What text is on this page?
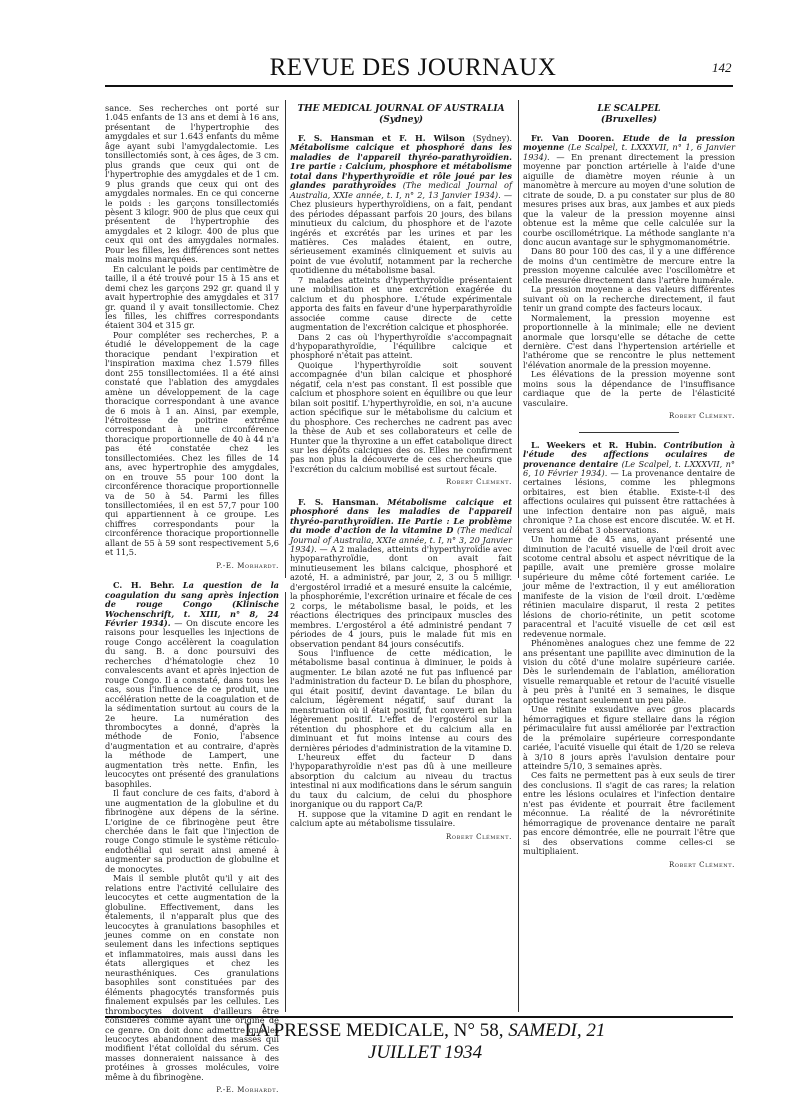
REVUE DES JOURNAUX	142

sance. Ses recherches ont porté sur 1.045 enfants de 13 ans et demi à 16 ans, présentant de l'hypertrophie des amygdales et sur 1.643 enfants du même âge ayant subi l'amygdalectomie. Les tonsillectomiés sont, à ces âges, de 3 cm. plus grands que ceux qui ont de l'hypertrophie des amygdales et de 1 cm. 9 plus grands que ceux qui ont des amygdales normales. En ce qui concerne le poids : les garçons tonsillectomiés pèsent 3 kilogr. 900 de plus que ceux qui présentent de l'hypertrophie des amygdales et 2 kilogr. 400 de plus que ceux qui ont des amygdales normales. Pour les filles, les différences sont nettes mais moins marquées.

En calculant le poids par centimètre de taille, il a été trouvé pour 15 à 15 ans et demi chez les garçons 292 gr. quand il y avait hypertrophie des amygdales et 317 gr. quand il y avait tonsillectomie. Chez les filles, les chiffres correspondants étaient 304 et 315 gr.

Pour compléter ses recherches, P. a étudié le développement de la cage thoracique pendant l'expiration et l'inspiration maxima chez 1.579 filles dont 255 tonsillectomiées. Il a été ainsi constaté que l'ablation des amygdales amène un développement de la cage thoracique correspondant à une avance de 6 mois à 1 an. Ainsi, par exemple, l'étroitesse de poitrine extrême correspondant à une circonférence thoracique proportionnelle de 40 à 44 n'a pas été constatée chez les tonsillectomiées. Chez les filles de 14 ans, avec hypertrophie des amygdales, on en trouve 55 pour 100 dont la circonférence thoracique proportionnelle va de 50 à 54. Parmi les filles tonsillectomiées, il en est 57,7 pour 100 qui appartiennent à ce groupe. Les chiffres correspondants pour la circonférence thoracique proportionnelle allant de 55 à 59 sont respectivement 5,6 et 11,5.

P.-E. Morhardt.

C. H. Behr. La question de la coagulation du sang après injection de rouge Congo (Klinische Wochenschrift, t. XIII, n° 8, 24 Février 1934). — On discute encore les raisons pour lesquelles les injections de rouge Congo accélèrent la coagulation du sang. B. a donc poursuivi des recherches d'hématologie chez 10 convalescents avant et après injection de rouge Congo. Il a constaté, dans tous les cas, sous l'influence de ce produit, une accélération nette de la coagulation et de la sédimentation surtout au cours de la 2e heure. La numération des thrombocytes a donné, d'après la méthode de Fonio, l'absence d'augmentation et au contraire, d'après la méthode de Lampert, une augmentation très nette. Enfin, les leucocytes ont présenté des granulations basophiles.

Il faut conclure de ces faits, d'abord à une augmentation de la globuline et du fibrinogène aux dépens de la sérine. L'origine de ce fibrinogène peut être cherchée dans le fait que l'injection de rouge Congo stimule le système réticulo-endothélial qui serait ainsi amené à augmenter sa production de globuline et de monocytes.

Mais il semble plutôt qu'il y ait des relations entre l'activité cellulaire des leucocytes et cette augmentation de la globuline. Effectivement, dans les étalements, il n'apparaît plus que des leucocytes à granulations basophiles et jeunes comme on en constate non seulement dans les infections septiques et inflammatoires, mais aussi dans les états allergiques et chez les neurasthéniques. Ces granulations basophiles sont constituées par des éléments phagocytés transformés puis finalement expulsés par les cellules. Les thrombocytes doivent d'ailleurs être considérés comme ayant une origine de ce genre. On doit donc admettre que les leucocytes abandonnent des masses qui modifient l'état colloïdal du sérum. Ces masses donneraient naissance à des protéines à grosses molécules, voire même à du fibrinogène.

P.-E. Morhardt.

THE MEDICAL JOURNAL OF AUSTRALIA

(Sydney)

F. S. Hansman et F. H. Wilson (Sydney). Métabolisme calcique et phosphoré dans les maladies de l'appareil thyréo-parathyroïdien. 1re partie : Calcium, phosphore et métabolisme total dans l'hyperthyroïdie et rôle joué par les glandes parathyroïdes (The medical Journal of Australia, XXIe année, t. I, n° 2, 13 Janvier 1934). — Chez plusieurs hyperthyroïdiens, on a fait, pendant des périodes dépassant parfois 20 jours, des bilans minutieux du calcium, du phosphore et de l'azote ingérés et excrétés par les urines et par les matières. Ces malades étaient, en outre, sérieusement examinés cliniquement et suivis au point de vue évolutif, notamment par la recherche quotidienne du métabolisme basal.

7 malades atteints d'hyperthyroïdie présentaient une mobilisation et une excrétion exagérée du calcium et du phosphore. L'étude expérimentale apporta des faits en faveur d'une hyperparathyroïdie associée comme cause directe de cette augmentation de l'excrétion calcique et phosphorée.

Dans 2 cas où l'hyperthyroïdie s'accompagnait d'hypoparathyroïdie, l'équilibre calcique et phosphoré n'était pas atteint.

Quoique l'hyperthyroïdie soit souvent accompagnée d'un bilan calcique et phosphoré négatif, cela n'est pas constant. Il est possible que calcium et phosphore soient en équilibre ou que leur bilan soit positif. L'hyperthyroïdie, en soi, n'a aucune action spécifique sur le métabolisme du calcium et du phosphore. Ces recherches ne cadrent pas avec la thèse de Aub et ses collaborateurs et celle de Hunter que la thyroxine a un effet catabolique direct sur les dépôts calciques des os. Elles ne confirment pas non plus la découverte de ces chercheurs que l'excrétion du calcium mobilisé est surtout fécale.

Robert Clément.

F. S. Hansman. Métabolisme calcique et phosphoré dans les maladies de l'appareil thyréo-parathyroïdien. IIe Partie : Le problème du mode d'action de la vitamine D (The medical Journal of Australia, XXIe année, t. I, n° 3, 20 Janvier 1934). — A 2 malades, atteints d'hyperthyroïdie avec hypoparathyroïdie, dont on avait fait minutieusement les bilans calcique, phosphoré et azoté, H. a administré, par jour, 2, 3 ou 5 milligr. d'ergostérol irradié et a mesuré ensuite la calcémie, la phosphorémie, l'excrétion urinaire et fécale de ces 2 corps, le métabolisme basal, le poids, et les réactions électriques des principaux muscles des membres. L'ergostérol a été administré pendant 7 périodes de 4 jours, puis le malade fut mis en observation pendant 84 jours consécutifs.

Sous l'influence de cette médication, le métabolisme basal continua à diminuer, le poids à augmenter. Le bilan azoté ne fut pas influencé par l'administration du facteur D. Le bilan du phosphore, qui était positif, devint davantage. Le bilan du calcium, légèrement négatif, sauf durant la menstruation où il était positif, fut converti en bilan légèrement positif. L'effet de l'ergostérol sur la rétention du phosphore et du calcium alla en diminuant et fut moins intense au cours des dernières périodes d'administration de la vitamine D.

L'heureux effet du facteur D dans l'hypoparathyroïdie n'est pas dû à une meilleure absorption du calcium au niveau du tractus intestinal ni aux modifications dans le sérum sanguin du taux du calcium, de celui du phosphore inorganique ou du rapport Ca/P.

H. suppose que la vitamine D agit en rendant le calcium apte au métabolisme tissulaire.

Robert Clément.

LE SCALPEL

(Bruxelles)

Fr. Van Dooren. Etude de la pression moyenne (Le Scalpel, t. LXXXVII, n° 1, 6 Janvier 1934). — En prenant directement la pression moyenne par ponction artérielle à l'aide d'une aiguille de diamètre moyen réunie à un manomètre à mercure au moyen d'une solution de citrate de soude, D. a pu constater sur plus de 80 mesures prises aux bras, aux jambes et aux pieds que la valeur de la pression moyenne ainsi obtenue est la même que celle calculée sur la courbe oscillométrique. La méthode sanglante n'a donc aucun avantage sur le sphygmomanométrie.

Dans 80 pour 100 des cas, il y a une différence de moins d'un centimètre de mercure entre la pression moyenne calculée avec l'oscillomètre et celle mesurée directement dans l'artère humérale.

La pression moyenne a des valeurs différentes suivant où on la recherche directement, il faut tenir un grand compte des facteurs locaux.

Normalement, la pression moyenne est proportionnelle à la minimale; elle ne devient anormale que lorsqu'elle se détache de cette dernière. C'est dans l'hypertension artérielle et l'athérome que se rencontre le plus nettement l'élévation anormale de la pression moyenne.

Les élévations de la pression moyenne sont moins sous la dépendance de l'insuffisance cardiaque que de la perte de l'élasticité vasculaire.

Robert Clément.

L. Weekers et R. Hubin. Contribution à l'étude des affections oculaires de provenance dentaire (Le Scalpel, t. LXXXVII, n° 6, 10 Février 1934). — La provenance dentaire de certaines lésions, comme les phlegmons orbitaires, est bien établie. Existe-t-il des affections oculaires qui puissent être rattachées à une infection dentaire non pas aiguë, mais chronique ? La chose est encore discutée. W. et H. versent au débat 3 observations.

Un homme de 45 ans, ayant présenté une diminution de l'acuité visuelle de l'œil droit avec scotome central absolu et aspect névritique de la papille, avait une première grosse molaire supérieure du même côté fortement cariée. Le jour même de l'extraction, il y eut amélioration manifeste de la vision de l'œil droit. L'œdème rétinien maculaire disparut, il resta 2 petites lésions de chorio-rétinite, un petit scotome paracentral et l'acuité visuelle de cet œil est redevenue normale.

Phénomènes analogues chez une femme de 22 ans présentant une papillite avec diminution de la vision du côté d'une molaire supérieure cariée. Dès le surlendemain de l'ablation, amélioration visuelle remarquable et retour de l'acuité visuelle à peu près à l'unité en 3 semaines, le disque optique restant seulement un peu pâle.

Une rétinite exsudative avec gros placards hémorragiques et figure stellaire dans la région périmaculaire fut aussi améliorée par l'extraction de la prémolaire supérieure correspondante cariée, l'acuité visuelle qui était de 1/20 se releva à 3/10 8 jours après l'avulsion dentaire pour atteindre 5/10, 3 semaines après.

Ces faits ne permettent pas à eux seuls de tirer des conclusions. Il s'agit de cas rares; la relation entre les lésions oculaires et l'infection dentaire n'est pas évidente et pourrait être facilement méconnue. La réalité de la névrorétinite hémorragique de provenance dentaire ne paraît pas encore démontrée, elle ne pourrait l'être que si des observations comme celles-ci se multipliaient.

Robert Clément.

LA PRESSE MEDICALE, N° 58, SAMEDI, 21 JUILLET 1934
